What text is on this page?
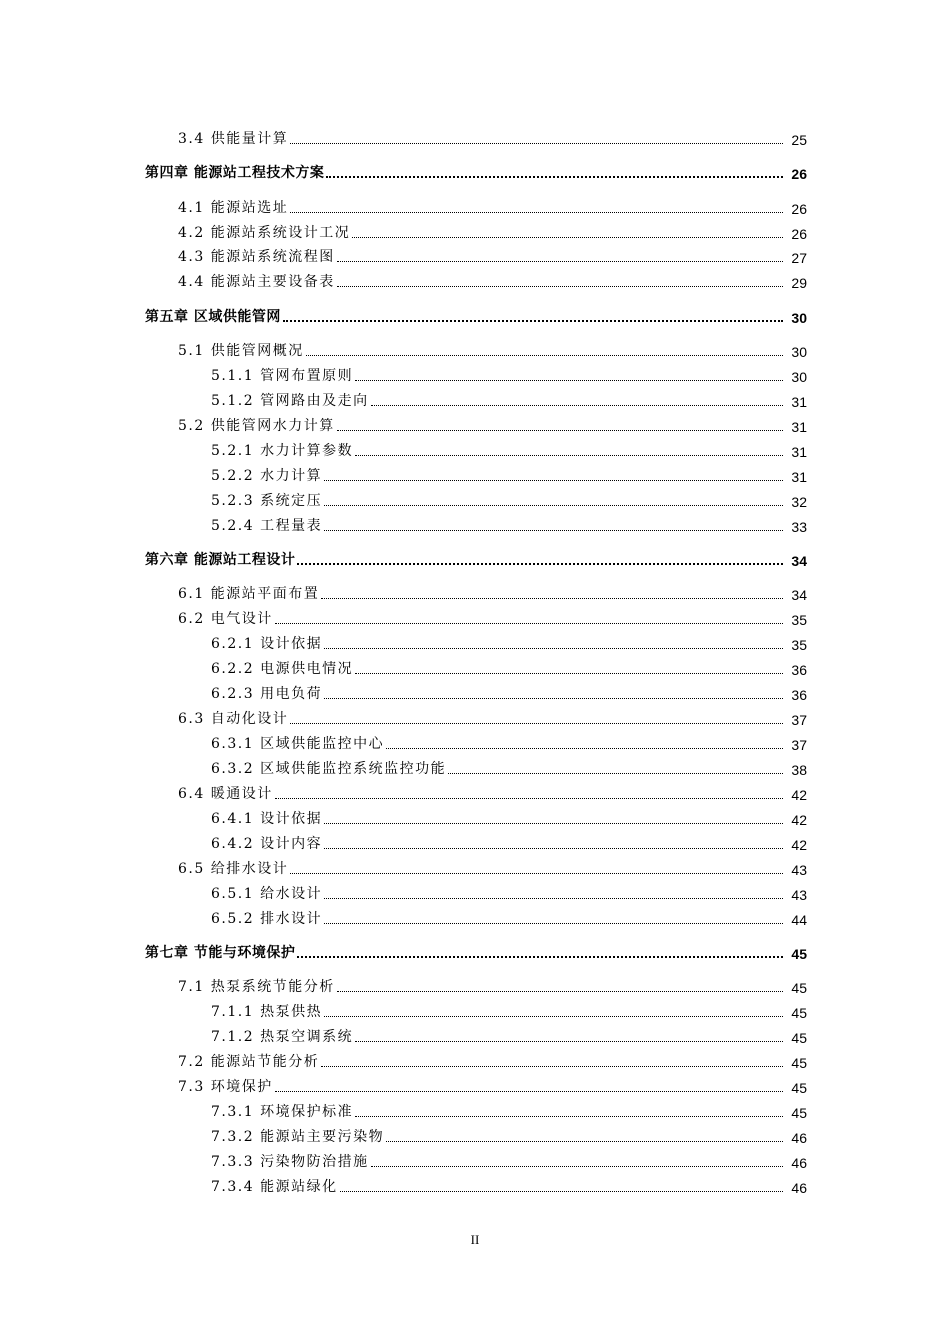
3.4 供能量计算	25
第四章 能源站工程技术方案	26
4.1 能源站选址	26
4.2 能源站系统设计工况	26
4.3 能源站系统流程图	27
4.4 能源站主要设备表	29
第五章 区域供能管网	30
5.1 供能管网概况	30
5.1.1 管网布置原则	30
5.1.2 管网路由及走向	31
5.2 供能管网水力计算	31
5.2.1 水力计算参数	31
5.2.2 水力计算	31
5.2.3 系统定压	32
5.2.4 工程量表	33
第六章 能源站工程设计	34
6.1 能源站平面布置	34
6.2 电气设计	35
6.2.1 设计依据	35
6.2.2 电源供电情况	36
6.2.3 用电负荷	36
6.3 自动化设计	37
6.3.1 区域供能监控中心	37
6.3.2 区域供能监控系统监控功能	38
6.4 暖通设计	42
6.4.1 设计依据	42
6.4.2 设计内容	42
6.5 给排水设计	43
6.5.1 给水设计	43
6.5.2 排水设计	44
第七章 节能与环境保护	45
7.1 热泵系统节能分析	45
7.1.1 热泵供热	45
7.1.2 热泵空调系统	45
7.2 能源站节能分析	45
7.3 环境保护	45
7.3.1 环境保护标准	45
7.3.2 能源站主要污染物	46
7.3.3 污染物防治措施	46
7.3.4 能源站绿化	46
II
